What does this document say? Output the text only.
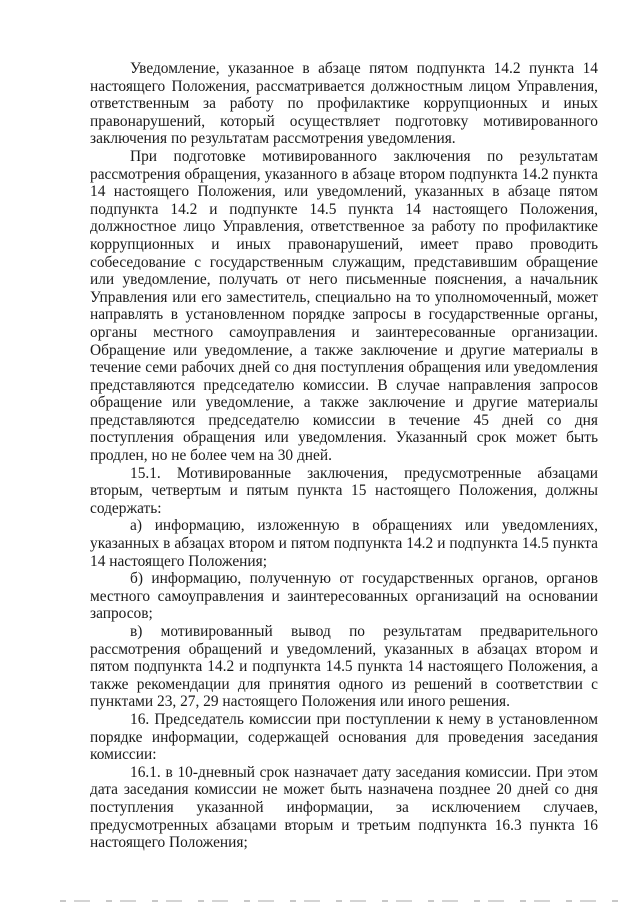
Уведомление, указанное в абзаце пятом подпункта 14.2 пункта 14 настоящего Положения, рассматривается должностным лицом Управления, ответственным за работу по профилактике коррупционных и иных правонарушений, который осуществляет подготовку мотивированного заключения по результатам рассмотрения уведомления.

При подготовке мотивированного заключения по результатам рассмотрения обращения, указанного в абзаце втором подпункта 14.2 пункта 14 настоящего Положения, или уведомлений, указанных в абзаце пятом подпункта 14.2 и подпункте 14.5 пункта 14 настоящего Положения, должностное лицо Управления, ответственное за работу по профилактике коррупционных и иных правонарушений, имеет право проводить собеседование с государственным служащим, представившим обращение или уведомление, получать от него письменные пояснения, а начальник Управления или его заместитель, специально на то уполномоченный, может направлять в установленном порядке запросы в государственные органы, органы местного самоуправления и заинтересованные организации. Обращение или уведомление, а также заключение и другие материалы в течение семи рабочих дней со дня поступления обращения или уведомления представляются председателю комиссии. В случае направления запросов обращение или уведомление, а также заключение и другие материалы представляются председателю комиссии в течение 45 дней со дня поступления обращения или уведомления. Указанный срок может быть продлен, но не более чем на 30 дней.

15.1. Мотивированные заключения, предусмотренные абзацами вторым, четвертым и пятым пункта 15 настоящего Положения, должны содержать:

а) информацию, изложенную в обращениях или уведомлениях, указанных в абзацах втором и пятом подпункта 14.2 и подпункта 14.5 пункта 14 настоящего Положения;

б) информацию, полученную от государственных органов, органов местного самоуправления и заинтересованных организаций на основании запросов;

в) мотивированный вывод по результатам предварительного рассмотрения обращений и уведомлений, указанных в абзацах втором и пятом подпункта 14.2 и подпункта 14.5 пункта 14 настоящего Положения, а также рекомендации для принятия одного из решений в соответствии с пунктами 23, 27, 29 настоящего Положения или иного решения.

16. Председатель комиссии при поступлении к нему в установленном порядке информации, содержащей основания для проведения заседания комиссии:

16.1. в 10-дневный срок назначает дату заседания комиссии. При этом дата заседания комиссии не может быть назначена позднее 20 дней со дня поступления указанной информации, за исключением случаев, предусмотренных абзацами вторым и третьим подпункта 16.3 пункта 16 настоящего Положения;
